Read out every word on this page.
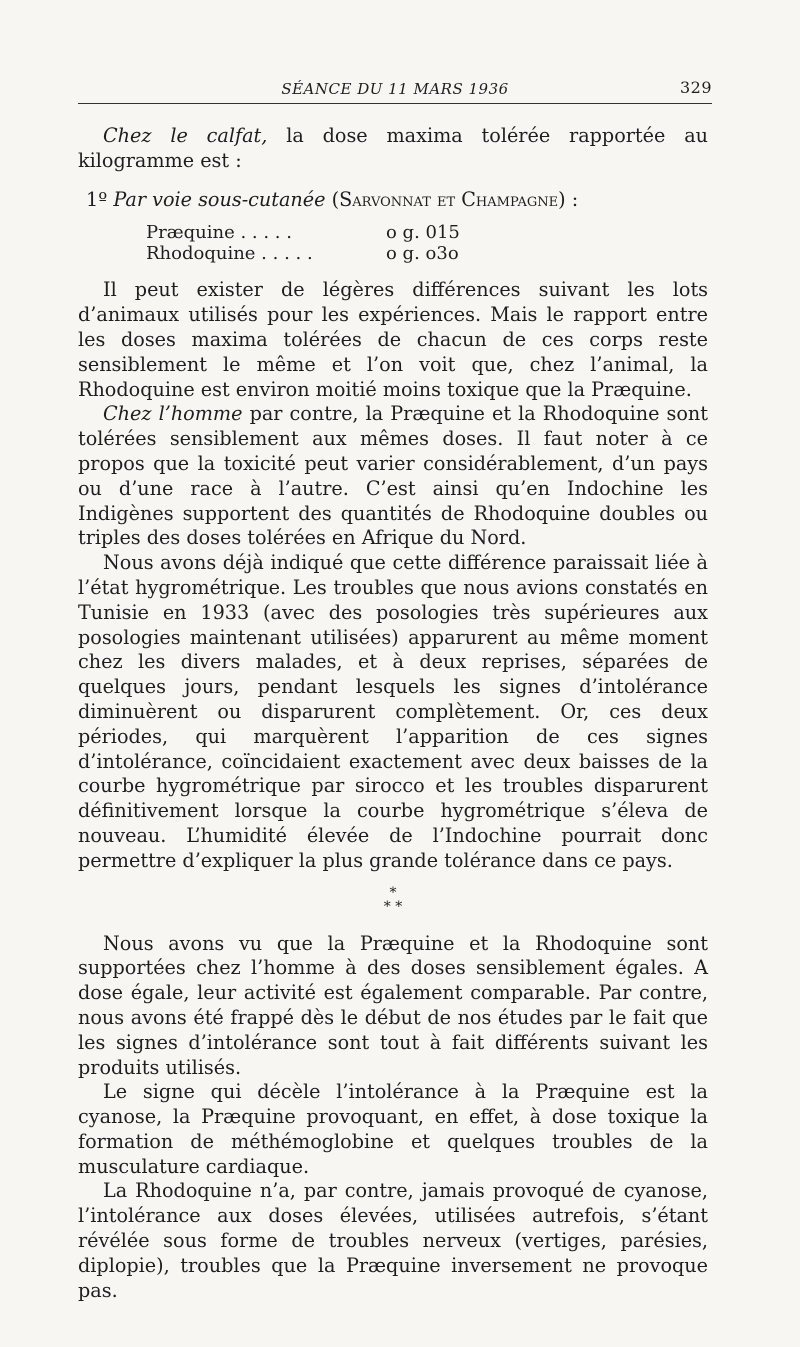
SÉANCE DU 11 MARS 1936	329

Chez le calfat, la dose maxima tolérée rapportée au kilogramme est :

1º Par voie sous-cutanée (Sarvonnat et Champagne) :

Præquine . . . . .	o g. 015
Rhodoquine . . . . .	o g. o3o

Il peut exister de légères différences suivant les lots d’animaux utilisés pour les expériences. Mais le rapport entre les doses maxima tolérées de chacun de ces corps reste sensiblement le même et l’on voit que, chez l’animal, la Rhodoquine est environ moitié moins toxique que la Præquine.

Chez l’homme par contre, la Præquine et la Rhodoquine sont tolérées sensiblement aux mêmes doses. Il faut noter à ce propos que la toxicité peut varier considérablement, d’un pays ou d’une race à l’autre. C’est ainsi qu’en Indochine les Indigènes supportent des quantités de Rhodoquine doubles ou triples des doses tolérées en Afrique du Nord.

Nous avons déjà indiqué que cette différence paraissait liée à l’état hygrométrique. Les troubles que nous avions constatés en Tunisie en 1933 (avec des posologies très supérieures aux posologies maintenant utilisées) apparurent au même moment chez les divers malades, et à deux reprises, séparées de quelques jours, pendant lesquels les signes d’intolérance diminuèrent ou disparurent complètement. Or, ces deux périodes, qui marquèrent l’apparition de ces signes d’intolérance, coïncidaient exactement avec deux baisses de la courbe hygrométrique par sirocco et les troubles disparurent définitivement lorsque la courbe hygrométrique s’éleva de nouveau. L’humidité élevée de l’Indochine pourrait donc permettre d’expliquer la plus grande tolérance dans ce pays.

*
* *

Nous avons vu que la Præquine et la Rhodoquine sont supportées chez l’homme à des doses sensiblement égales. A dose égale, leur activité est également comparable. Par contre, nous avons été frappé dès le début de nos études par le fait que les signes d’intolérance sont tout à fait différents suivant les produits utilisés.

Le signe qui décèle l’intolérance à la Præquine est la cyanose, la Præquine provoquant, en effet, à dose toxique la formation de méthémoglobine et quelques troubles de la musculature cardiaque.

La Rhodoquine n’a, par contre, jamais provoqué de cyanose, l’intolérance aux doses élevées, utilisées autrefois, s’étant révélée sous forme de troubles nerveux (vertiges, parésies, diplopie), troubles que la Præquine inversement ne provoque pas.
